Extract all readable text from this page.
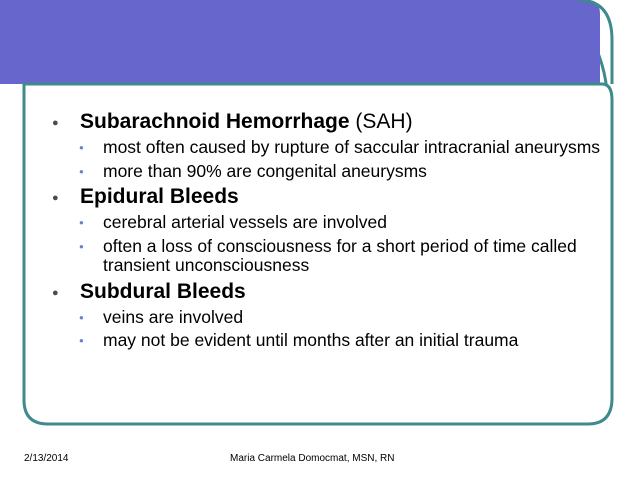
● Subarachnoid Hemorrhage (SAH)
● most often caused by rupture of saccular intracranial aneurysms
● more than 90% are congenital aneurysms
● Epidural Bleeds
● cerebral arterial vessels are involved
● often a loss of consciousness for a short period of time called transient unconsciousness
● Subdural Bleeds
● veins are involved
● may not be evident until months after an initial trauma
2/13/2014	Maria Carmela Domocmat, MSN, RN
